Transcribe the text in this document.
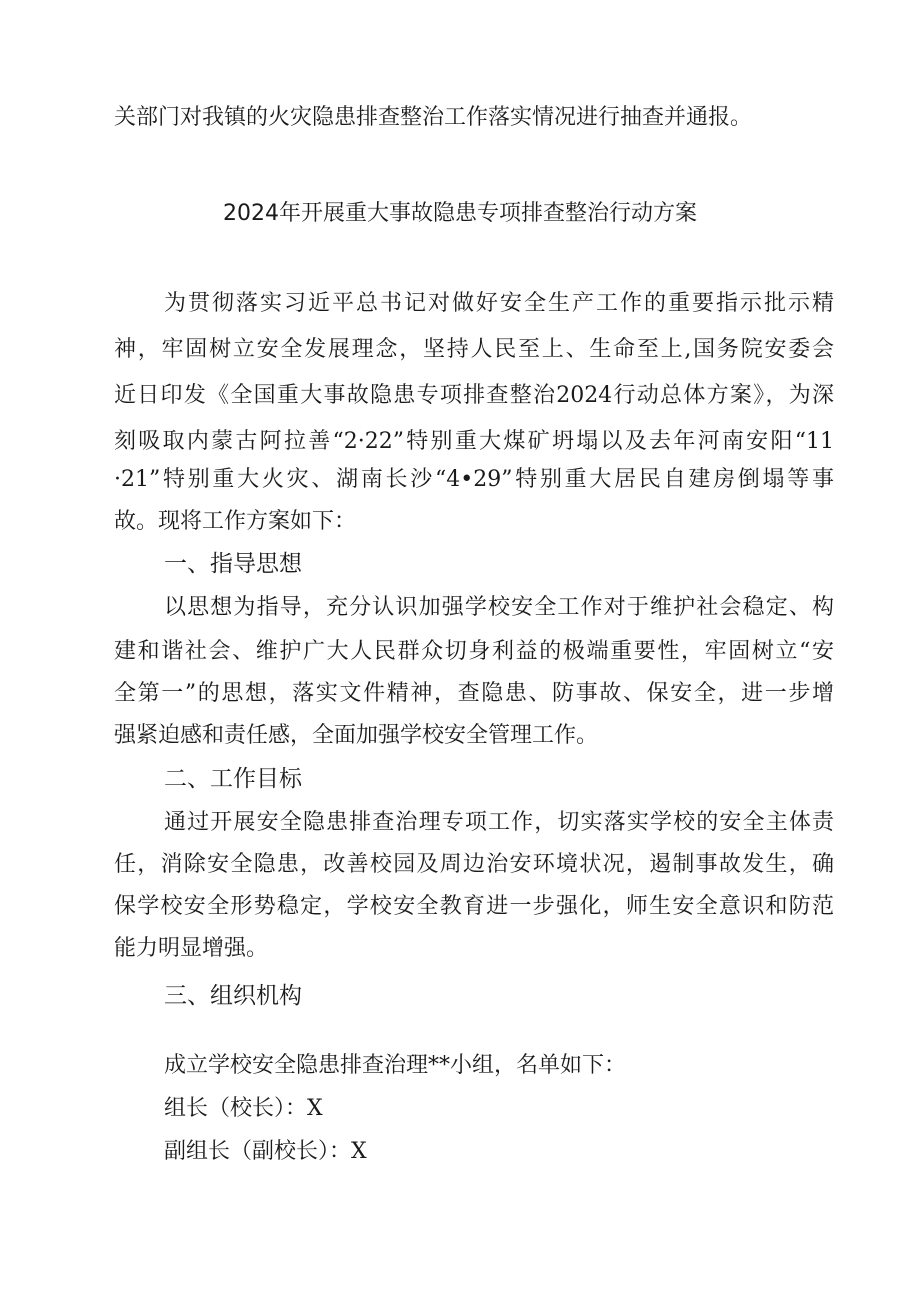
关部门对我镇的火灾隐患排查整治工作落实情况进行抽查并通报。
2024年开展重大事故隐患专项排查整治行动方案
为贯彻落实习近平总书记对做好安全生产工作的重要指示批示精
神，牢固树立安全发展理念，坚持人民至上、生命至上,国务院安委会
近日印发《全国重大事故隐患专项排查整治2024行动总体方案》，为深
刻吸取内蒙古阿拉善“2·22”特别重大煤矿坍塌以及去年河南安阳“11
·21”特别重大火灾、湖南长沙“4•29”特别重大居民自建房倒塌等事
故。现将工作方案如下：
一、指导思想
以思想为指导，充分认识加强学校安全工作对于维护社会稳定、构
建和谐社会、维护广大人民群众切身利益的极端重要性，牢固树立“安
全第一”的思想，落实文件精神，查隐患、防事故、保安全，进一步增
强紧迫感和责任感，全面加强学校安全管理工作。
二、工作目标
通过开展安全隐患排查治理专项工作，切实落实学校的安全主体责
任，消除安全隐患，改善校园及周边治安环境状况，遏制事故发生，确
保学校安全形势稳定，学校安全教育进一步强化，师生安全意识和防范
能力明显增强。
三、组织机构
成立学校安全隐患排查治理**小组，名单如下：
组长（校长）：X
副组长（副校长）：X
